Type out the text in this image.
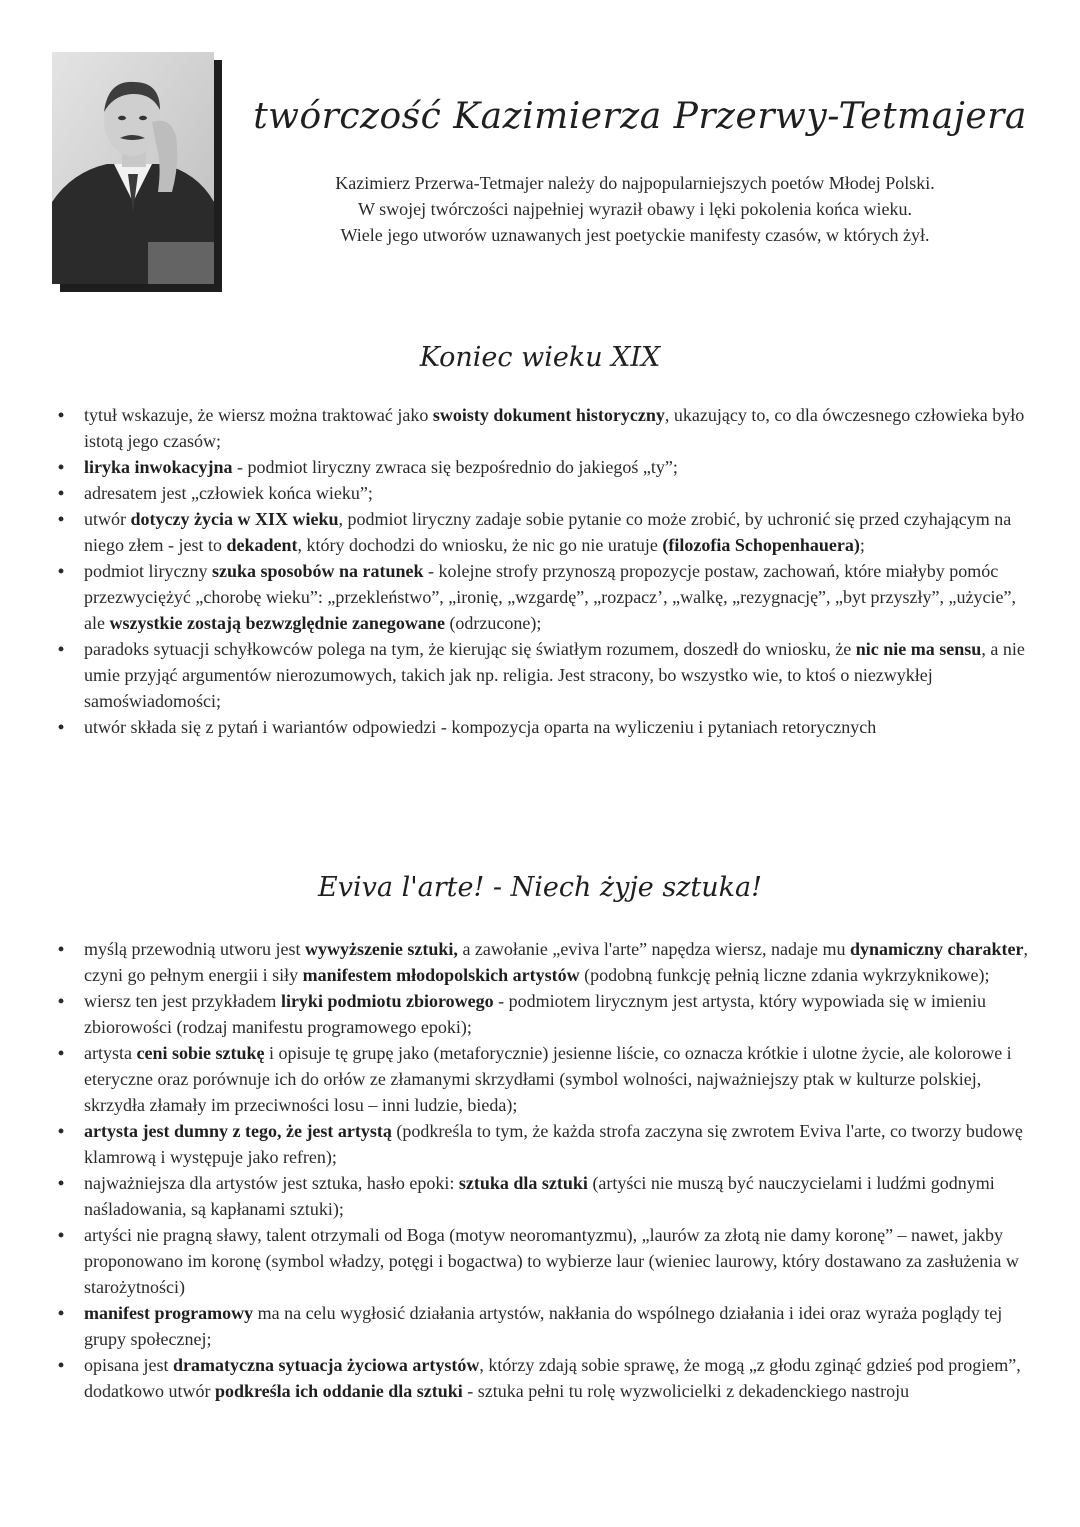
twórczość Kazimierza Przerwy-Tetmajera
Kazimierz Przerwa-Tetmajer należy do najpopularniejszych poetów Młodej Polski.
W swojej twórczości najpełniej wyraził obawy i lęki pokolenia końca wieku.
Wiele jego utworów uznawanych jest poetyckie manifesty czasów, w których żył.
Koniec wieku XIX
• tytuł wskazuje, że wiersz można traktować jako swoisty dokument historyczny, ukazujący to, co dla ówczesnego człowieka było istotą jego czasów;
• liryka inwokacyjna - podmiot liryczny zwraca się bezpośrednio do jakiegoś „ty”;
• adresatem jest „człowiek końca wieku”;
• utwór dotyczy życia w XIX wieku, podmiot liryczny zadaje sobie pytanie co może zrobić, by uchronić się przed czyhającym na niego złem - jest to dekadent, który dochodzi do wniosku, że nic go nie uratuje (filozofia Schopenhauera);
• podmiot liryczny szuka sposobów na ratunek - kolejne strofy przynoszą propozycje postaw, zachowań, które miałyby pomóc przezwyciężyć „chorobę wieku”: „przekleństwo”, „ironię, „wzgardę”, „rozpacz’, „walkę, „rezygnację”, „byt przyszły”, „użycie”, ale wszystkie zostają bezwzględnie zanegowane (odrzucone);
• paradoks sytuacji schyłkowców polega na tym, że kierując się światłym rozumem, doszedł do wniosku, że nic nie ma sensu, a nie umie przyjąć argumentów nierozumowych, takich jak np. religia. Jest stracony, bo wszystko wie, to ktoś o niezwykłej samoświadomości;
• utwór składa się z pytań i wariantów odpowiedzi - kompozycja oparta na wyliczeniu i pytaniach retorycznych
Eviva l'arte! - Niech żyje sztuka!
• myślą przewodnią utworu jest wywyższenie sztuki, a zawołanie „eviva l'arte” napędza wiersz, nadaje mu dynamiczny charakter, czyni go pełnym energii i siły manifestem młodopolskich artystów (podobną funkcję pełnią liczne zdania wykrzyknikowe);
• wiersz ten jest przykładem liryki podmiotu zbiorowego - podmiotem lirycznym jest artysta, który wypowiada się w imieniu zbiorowości (rodzaj manifestu programowego epoki);
• artysta ceni sobie sztukę i opisuje tę grupę jako (metaforycznie) jesienne liście, co oznacza krótkie i ulotne życie, ale kolorowe i eteryczne oraz porównuje ich do orłów ze złamanymi skrzydłami (symbol wolności, najważniejszy ptak w kulturze polskiej, skrzydła złamały im przeciwności losu – inni ludzie, bieda);
• artysta jest dumny z tego, że jest artystą (podkreśla to tym, że każda strofa zaczyna się zwrotem Eviva l'arte, co tworzy budowę klamrową i występuje jako refren);
• najważniejsza dla artystów jest sztuka, hasło epoki: sztuka dla sztuki (artyści nie muszą być nauczycielami i ludźmi godnymi naśladowania, są kapłanami sztuki);
• artyści nie pragną sławy, talent otrzymali od Boga (motyw neoromantyzmu), „laurów za złotą nie damy koronę” – nawet, jakby proponowano im koronę (symbol władzy, potęgi i bogactwa) to wybierze laur (wieniec laurowy, który dostawano za zasłużenia w starożytności)
• manifest programowy ma na celu wygłosić działania artystów, nakłania do wspólnego działania i idei oraz wyraża poglądy tej grupy społecznej;
• opisana jest dramatyczna sytuacja życiowa artystów, którzy zdają sobie sprawę, że mogą „z głodu zginąć gdzieś pod progiem”, dodatkowo utwór podkreśla ich oddanie dla sztuki - sztuka pełni tu rolę wyzwolicielki z dekadenckiego nastroju
